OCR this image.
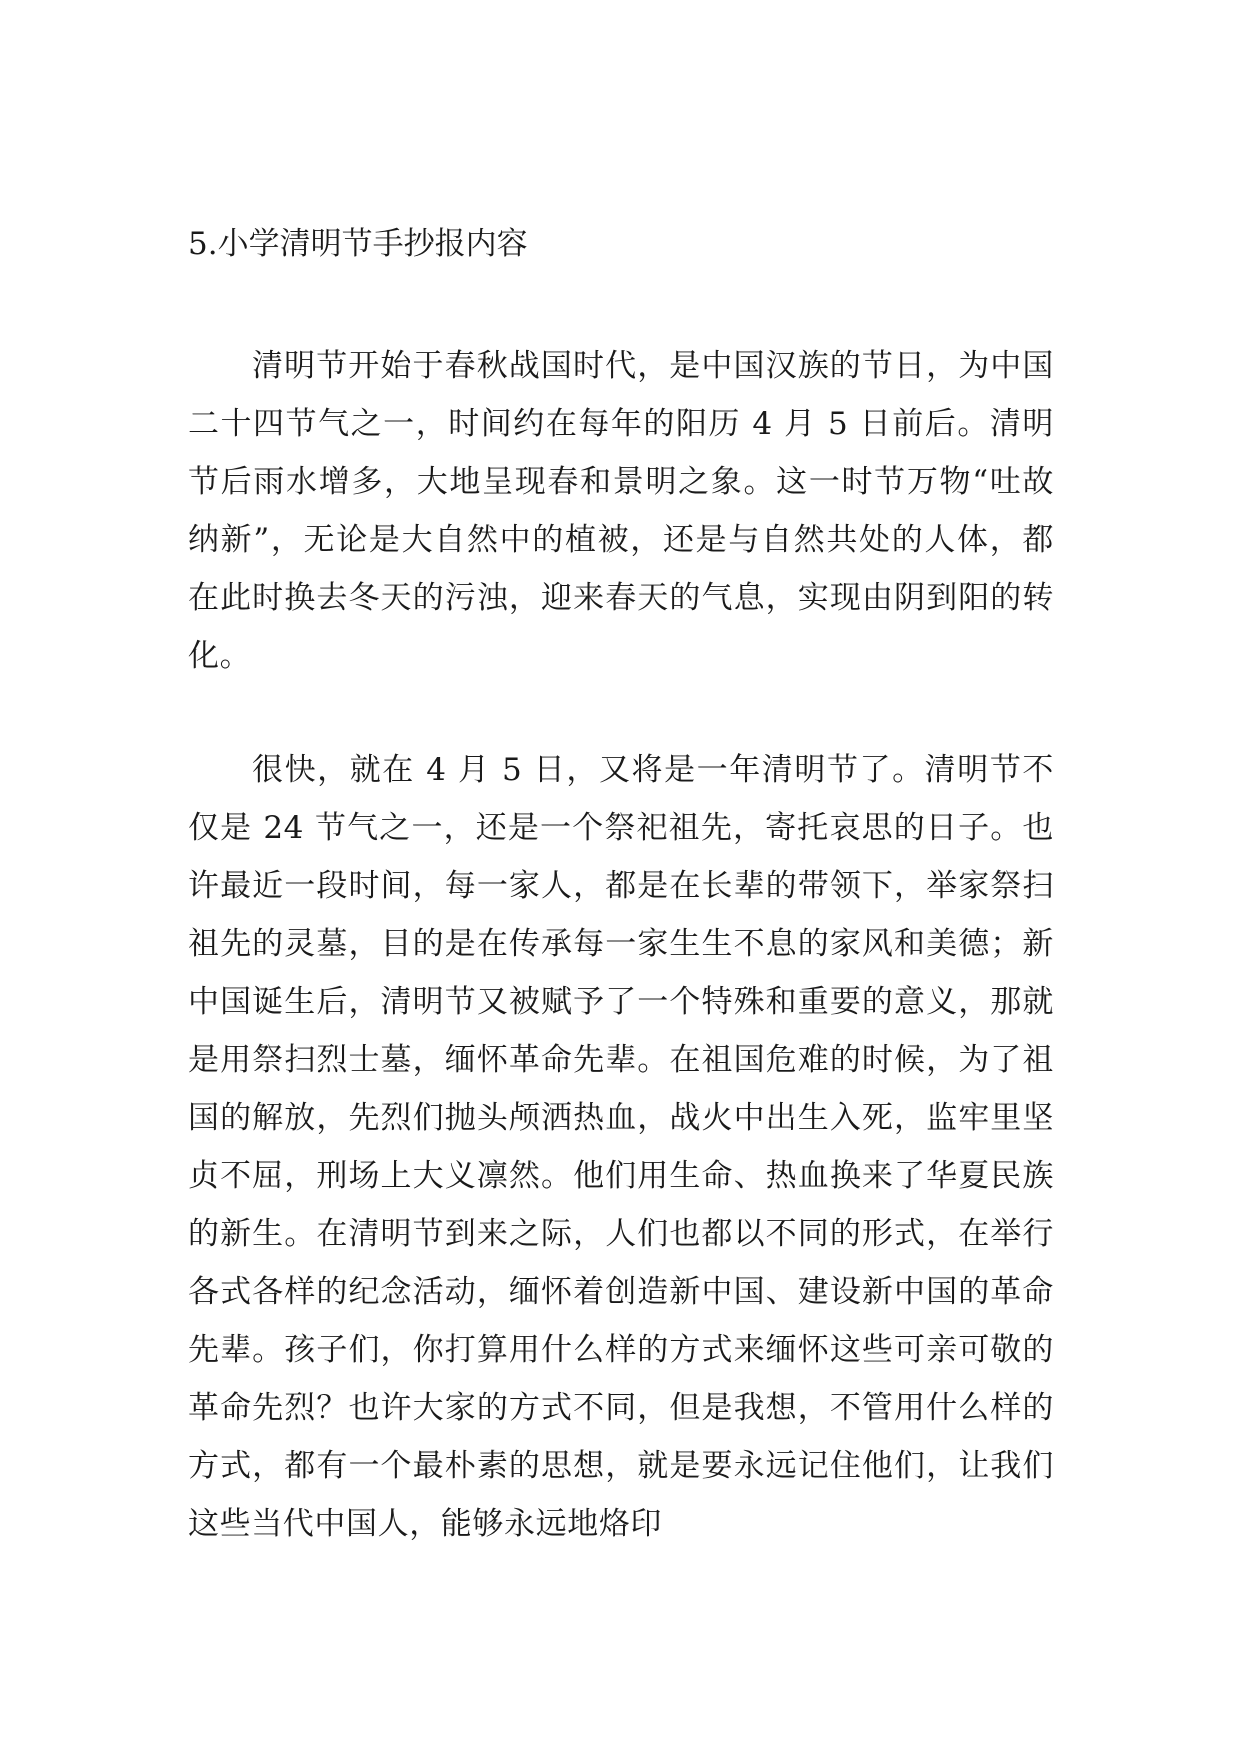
5.小学清明节手抄报内容

清明节开始于春秋战国时代，是中国汉族的节日，为中国二十四节气之一，时间约在每年的阳历 4 月 5 日前后。清明节后雨水增多，大地呈现春和景明之象。这一时节万物“吐故纳新”，无论是大自然中的植被，还是与自然共处的人体，都在此时换去冬天的污浊，迎来春天的气息，实现由阴到阳的转化。

很快，就在 4 月 5 日，又将是一年清明节了。清明节不仅是 24 节气之一，还是一个祭祀祖先，寄托哀思的日子。也许最近一段时间，每一家人，都是在长辈的带领下，举家祭扫祖先的灵墓，目的是在传承每一家生生不息的家风和美德；新中国诞生后，清明节又被赋予了一个特殊和重要的意义，那就是用祭扫烈士墓，缅怀革命先辈。在祖国危难的时候，为了祖国的解放，先烈们抛头颅洒热血，战火中出生入死，监牢里坚贞不屈，刑场上大义凛然。他们用生命、热血换来了华夏民族的新生。在清明节到来之际，人们也都以不同的形式，在举行各式各样的纪念活动，缅怀着创造新中国、建设新中国的革命先辈。孩子们，你打算用什么样的方式来缅怀这些可亲可敬的革命先烈？也许大家的方式不同，但是我想，不管用什么样的方式，都有一个最朴素的思想，就是要永远记住他们，让我们这些当代中国人，能够永远地烙印
